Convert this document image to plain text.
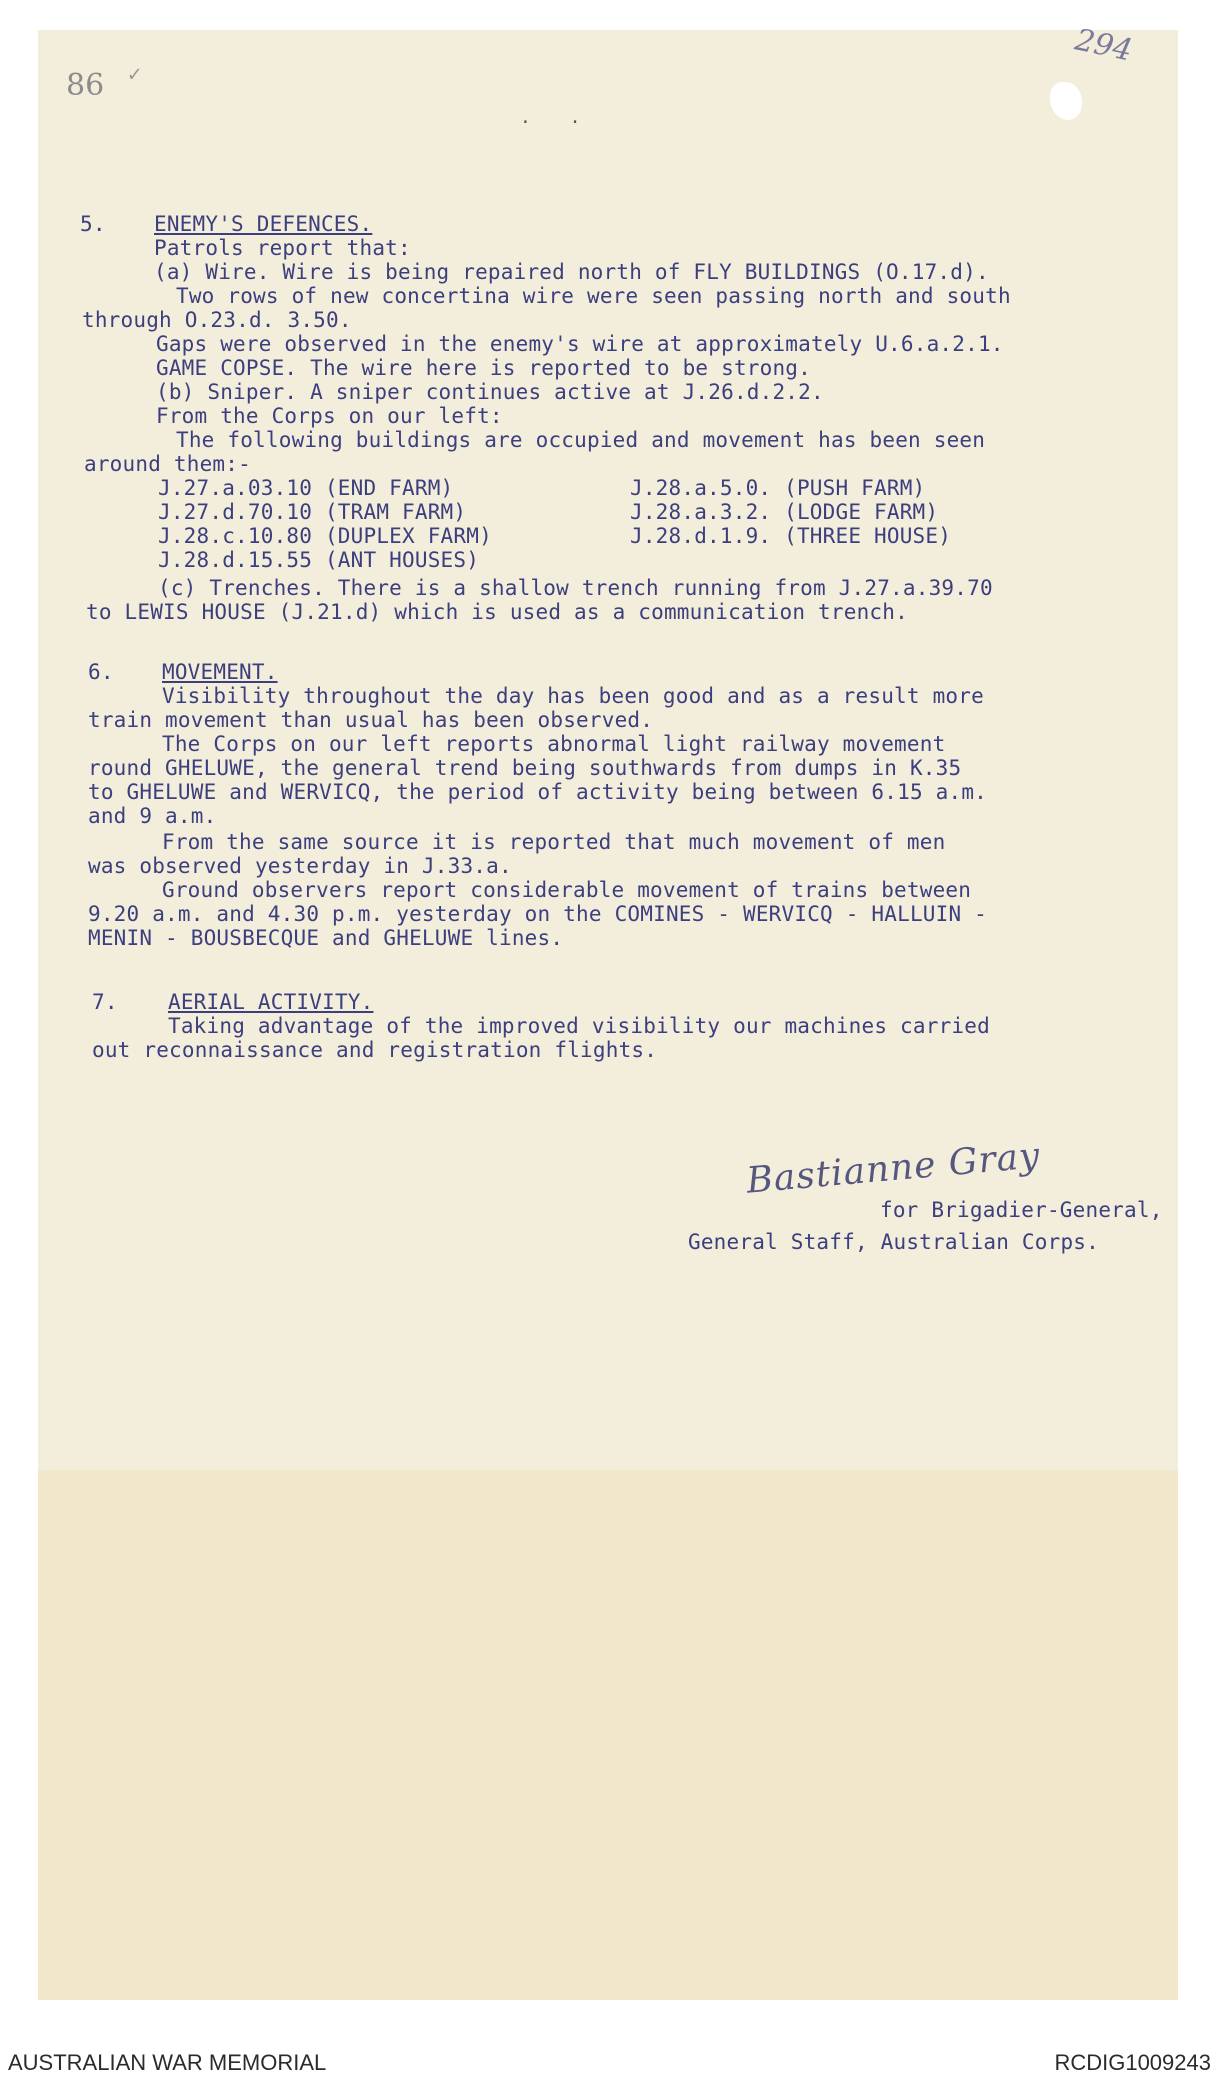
86 ✓
294
· ·
5. ENEMY'S DEFENCES.
Patrols report that:
(a) Wire. Wire is being repaired north of FLY BUILDINGS (O.17.d).
Two rows of new concertina wire were seen passing north and south
through O.23.d. 3.50.
Gaps were observed in the enemy's wire at approximately U.6.a.2.1.
GAME COPSE. The wire here is reported to be strong.
(b) Sniper. A sniper continues active at J.26.d.2.2.
From the Corps on our left:
The following buildings are occupied and movement has been seen
around them:-
J.27.a.03.10 (END FARM)	J.28.a.5.0. (PUSH FARM)
J.27.d.70.10 (TRAM FARM)	J.28.a.3.2. (LODGE FARM)
J.28.c.10.80 (DUPLEX FARM)	J.28.d.1.9. (THREE HOUSE)
J.28.d.15.55 (ANT HOUSES)
(c) Trenches. There is a shallow trench running from J.27.a.39.70
to LEWIS HOUSE (J.21.d) which is used as a communication trench.
6. MOVEMENT.
Visibility throughout the day has been good and as a result more
train movement than usual has been observed.
The Corps on our left reports abnormal light railway movement
round GHELUWE, the general trend being southwards from dumps in K.35
to GHELUWE and WERVICQ, the period of activity being between 6.15 a.m.
and 9 a.m.
From the same source it is reported that much movement of men
was observed yesterday in J.33.a.
Ground observers report considerable movement of trains between
9.20 a.m. and 4.30 p.m. yesterday on the COMINES - WERVICQ - HALLUIN -
MENIN - BOUSBECQUE and GHELUWE lines.
7. AERIAL ACTIVITY.
Taking advantage of the improved visibility our machines carried
out reconnaissance and registration flights.
Bastianne Gray
for Brigadier-General,
General Staff, Australian Corps.
AUSTRALIAN WAR MEMORIAL	RCDIG1009243
